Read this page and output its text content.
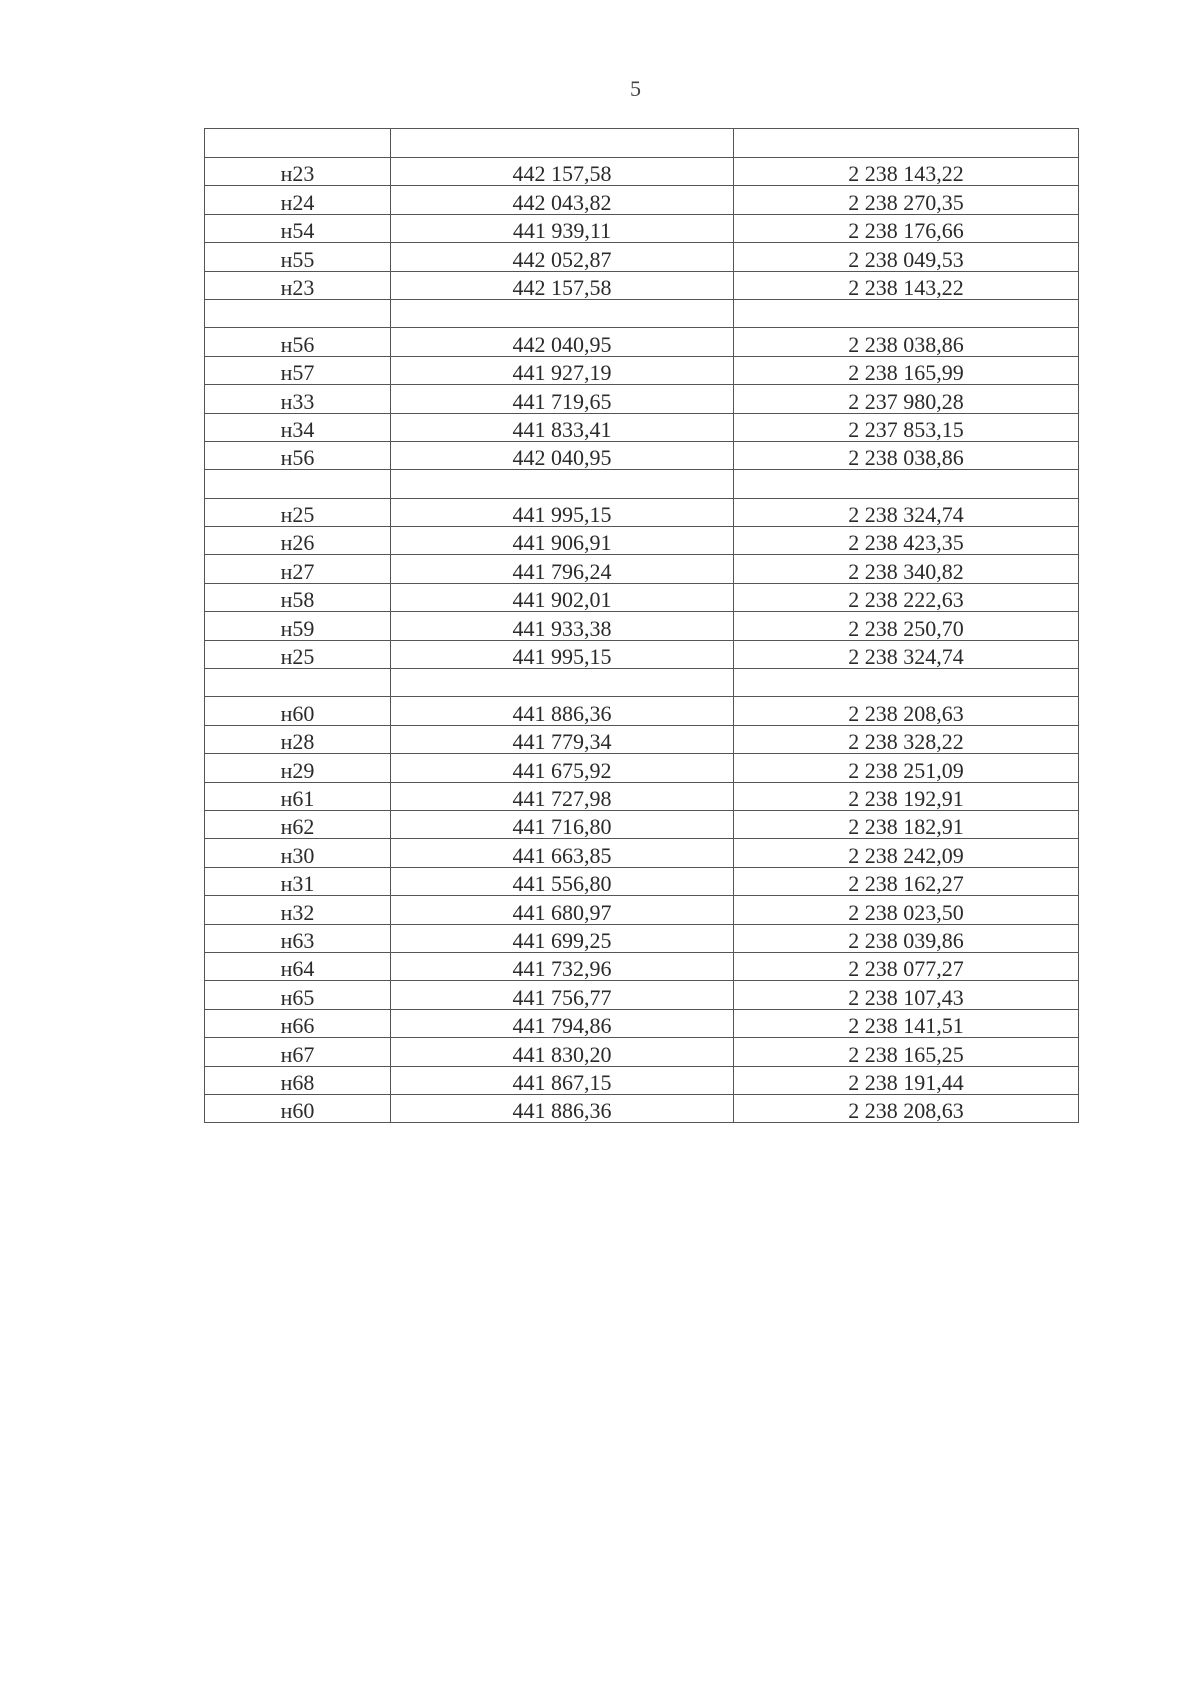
5

н23	442 157,58	2 238 143,22
н24	442 043,82	2 238 270,35
н54	441 939,11	2 238 176,66
н55	442 052,87	2 238 049,53
н23	442 157,58	2 238 143,22

н56	442 040,95	2 238 038,86
н57	441 927,19	2 238 165,99
н33	441 719,65	2 237 980,28
н34	441 833,41	2 237 853,15
н56	442 040,95	2 238 038,86

н25	441 995,15	2 238 324,74
н26	441 906,91	2 238 423,35
н27	441 796,24	2 238 340,82
н58	441 902,01	2 238 222,63
н59	441 933,38	2 238 250,70
н25	441 995,15	2 238 324,74

н60	441 886,36	2 238 208,63
н28	441 779,34	2 238 328,22
н29	441 675,92	2 238 251,09
н61	441 727,98	2 238 192,91
н62	441 716,80	2 238 182,91
н30	441 663,85	2 238 242,09
н31	441 556,80	2 238 162,27
н32	441 680,97	2 238 023,50
н63	441 699,25	2 238 039,86
н64	441 732,96	2 238 077,27
н65	441 756,77	2 238 107,43
н66	441 794,86	2 238 141,51
н67	441 830,20	2 238 165,25
н68	441 867,15	2 238 191,44
н60	441 886,36	2 238 208,63
